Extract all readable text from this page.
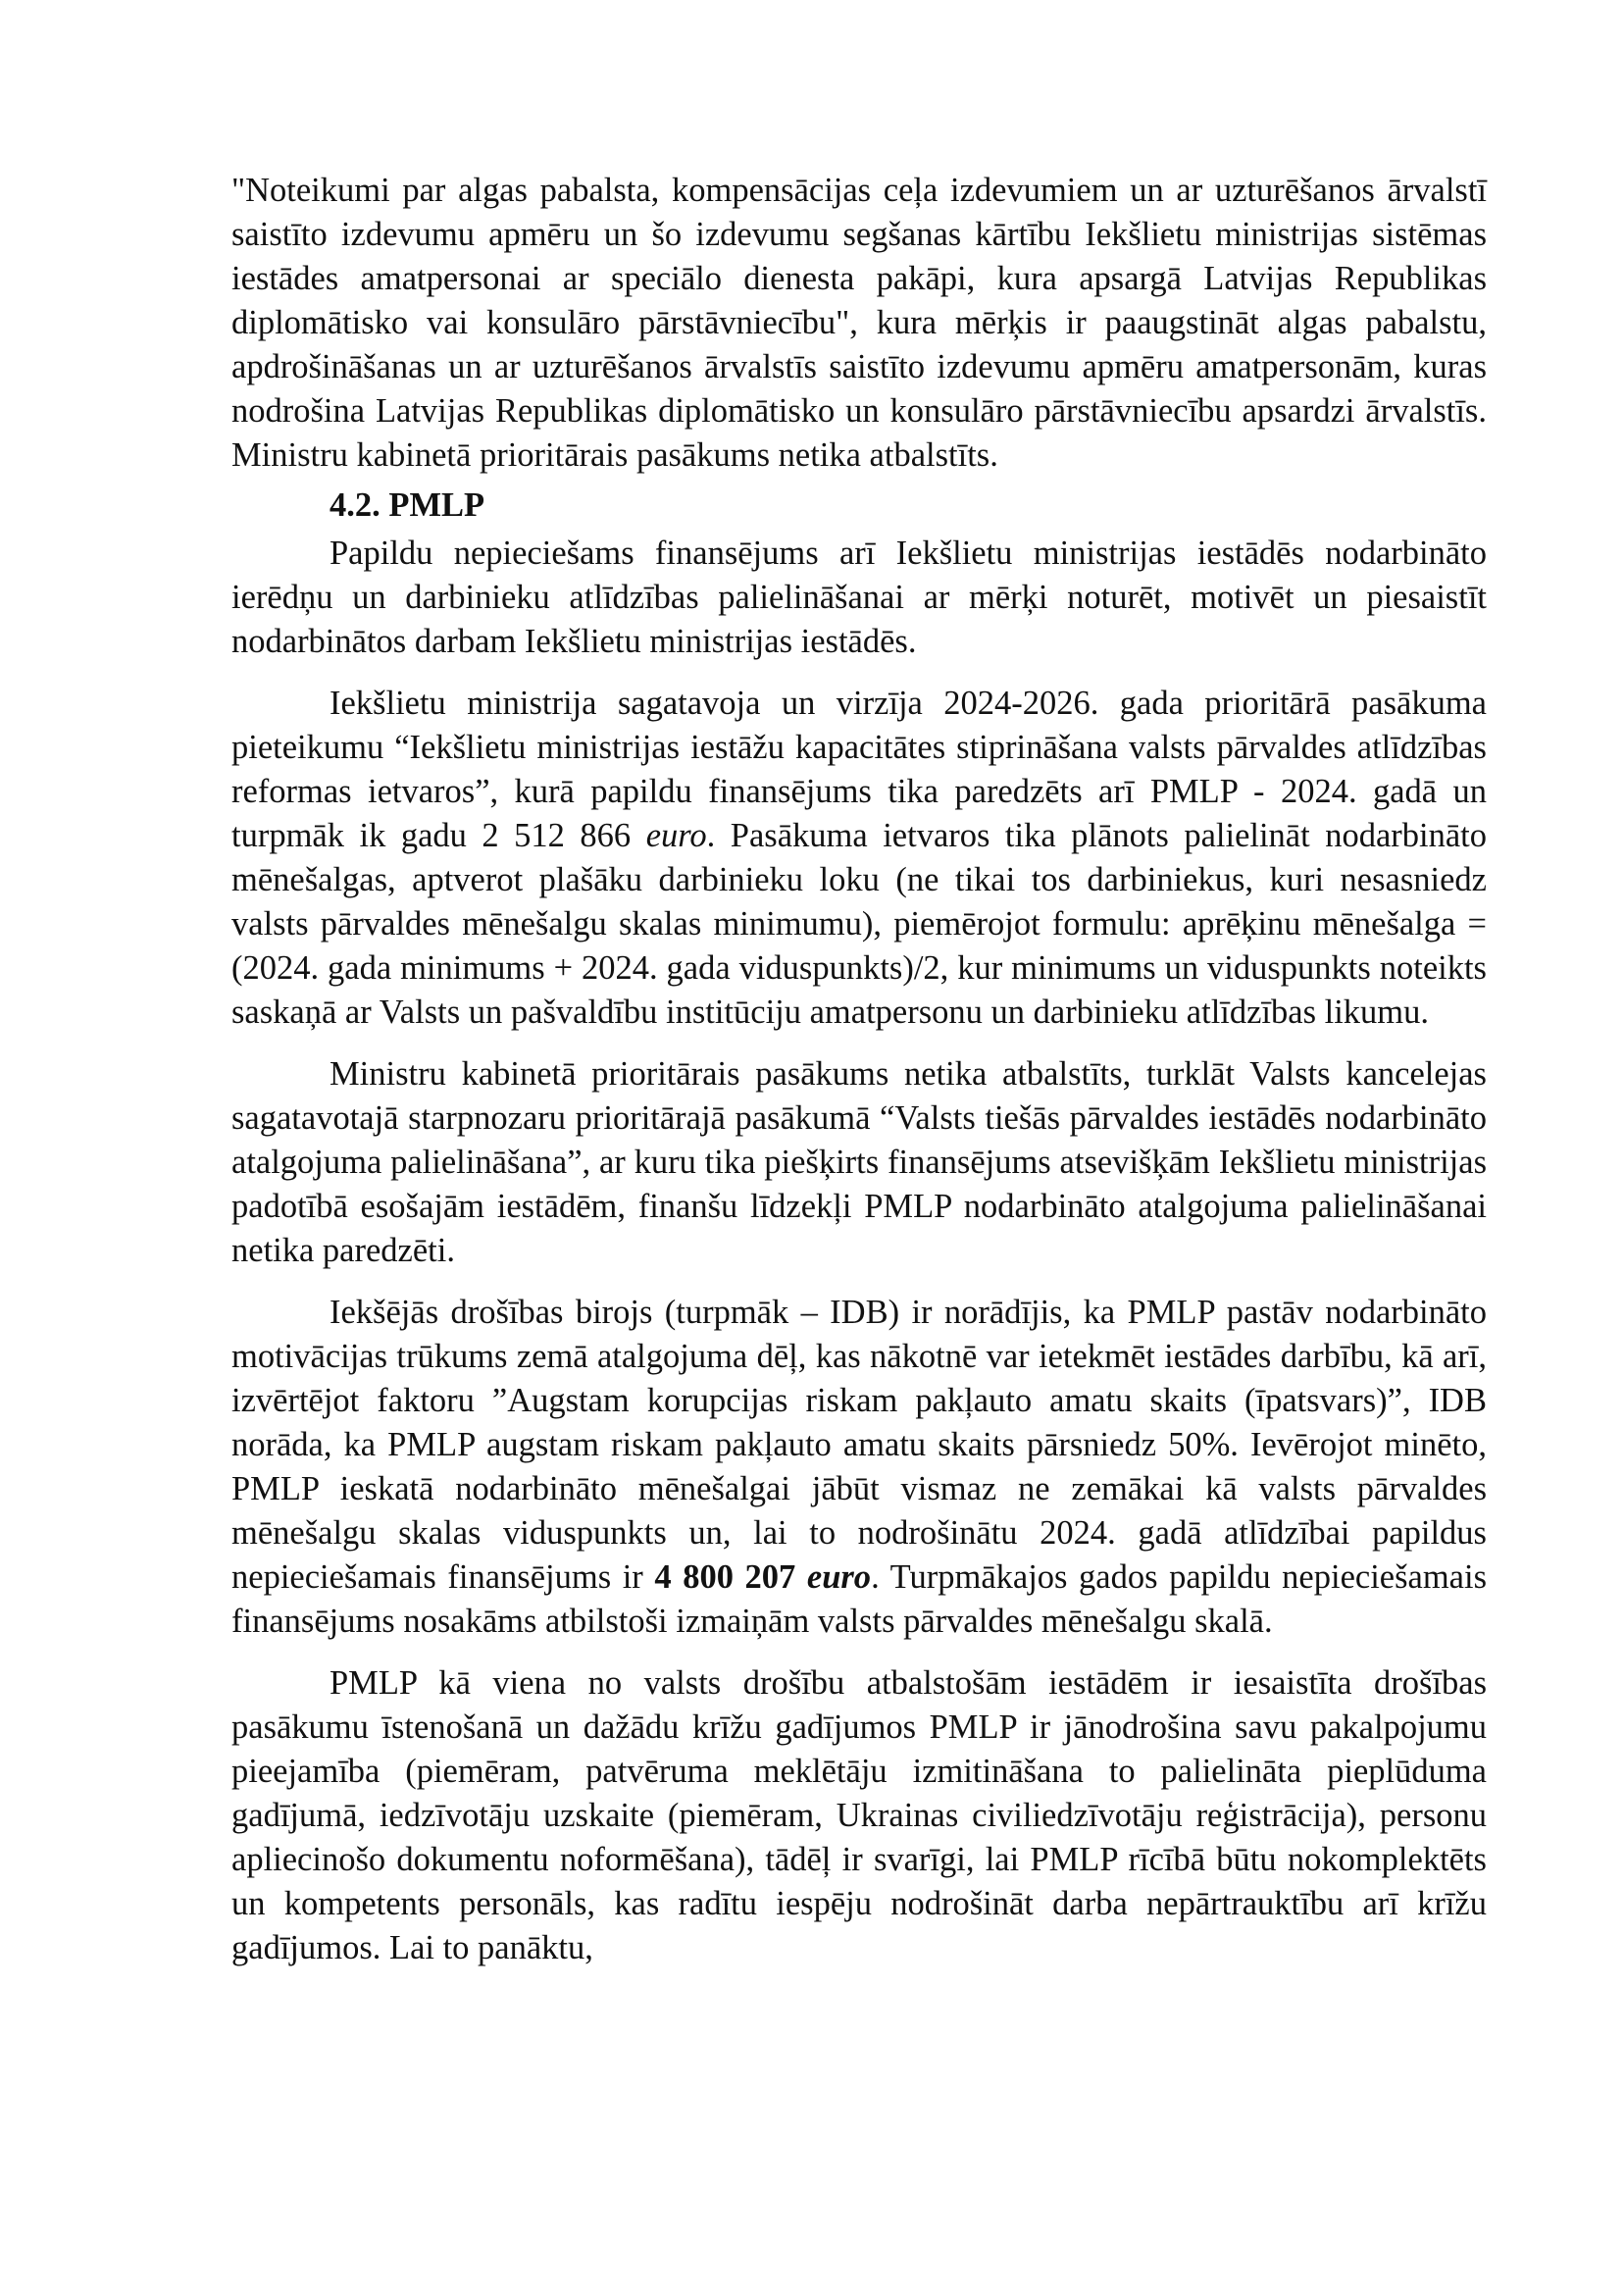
"Noteikumi par algas pabalsta, kompensācijas ceļa izdevumiem un ar uzturēšanos ārvalstī saistīto izdevumu apmēru un šo izdevumu segšanas kārtību Iekšlietu ministrijas sistēmas iestādes amatpersonai ar speciālo dienesta pakāpi, kura apsargā Latvijas Republikas diplomātisko vai konsulāro pārstāvniecību", kura mērķis ir paaugstināt algas pabalstu, apdrošināšanas un ar uzturēšanos ārvalstīs saistīto izdevumu apmēru amatpersonām, kuras nodrošina Latvijas Republikas diplomātisko un konsulāro pārstāvniecību apsardzi ārvalstīs. Ministru kabinetā prioritārais pasākums netika atbalstīts.

4.2. PMLP

Papildu nepieciešams finansējums arī Iekšlietu ministrijas iestādēs nodarbināto ierēdņu un darbinieku atlīdzības palielināšanai ar mērķi noturēt, motivēt un piesaistīt nodarbinātos darbam Iekšlietu ministrijas iestādēs.

Iekšlietu ministrija sagatavoja un virzīja 2024-2026. gada prioritārā pasākuma pieteikumu “Iekšlietu ministrijas iestāžu kapacitātes stiprināšana valsts pārvaldes atlīdzības reformas ietvaros”, kurā papildu finansējums tika paredzēts arī PMLP - 2024. gadā un turpmāk ik gadu 2 512 866 euro. Pasākuma ietvaros tika plānots palielināt nodarbināto mēnešalgas, aptverot plašāku darbinieku loku (ne tikai tos darbiniekus, kuri nesasniedz valsts pārvaldes mēnešalgu skalas minimumu), piemērojot formulu: aprēķinu mēnešalga = (2024. gada minimums + 2024. gada viduspunkts)/2, kur minimums un viduspunkts noteikts saskaņā ar Valsts un pašvaldību institūciju amatpersonu un darbinieku atlīdzības likumu.

Ministru kabinetā prioritārais pasākums netika atbalstīts, turklāt Valsts kancelejas sagatavotajā starpnozaru prioritārajā pasākumā “Valsts tiešās pārvaldes iestādēs nodarbināto atalgojuma palielināšana”, ar kuru tika piešķirts finansējums atsevišķām Iekšlietu ministrijas padotībā esošajām iestādēm, finanšu līdzekļi PMLP nodarbināto atalgojuma palielināšanai netika paredzēti.

Iekšējās drošības birojs (turpmāk – IDB) ir norādījis, ka PMLP pastāv nodarbināto motivācijas trūkums zemā atalgojuma dēļ, kas nākotnē var ietekmēt iestādes darbību, kā arī, izvērtējot faktoru ”Augstam korupcijas riskam pakļauto amatu skaits (īpatsvars)”, IDB norāda, ka PMLP augstam riskam pakļauto amatu skaits pārsniedz 50%. Ievērojot minēto, PMLP ieskatā nodarbināto mēnešalgai jābūt vismaz ne zemākai kā valsts pārvaldes mēnešalgu skalas viduspunkts un, lai to nodrošinātu 2024. gadā atlīdzībai papildus nepieciešamais finansējums ir 4 800 207 euro. Turpmākajos gados papildu nepieciešamais finansējums nosakāms atbilstoši izmaiņām valsts pārvaldes mēnešalgu skalā.

PMLP kā viena no valsts drošību atbalstošām iestādēm ir iesaistīta drošības pasākumu īstenošanā un dažādu krīžu gadījumos PMLP ir jānodrošina savu pakalpojumu pieejamība (piemēram, patvēruma meklētāju izmitināšana to palielināta pieplūduma gadījumā, iedzīvotāju uzskaite (piemēram, Ukrainas civiliedzīvotāju reģistrācija), personu apliecinošo dokumentu noformēšana), tādēļ ir svarīgi, lai PMLP rīcībā būtu nokomplektēts un kompetents personāls, kas radītu iespēju nodrošināt darba nepārtrauktību arī krīžu gadījumos. Lai to panāktu,
